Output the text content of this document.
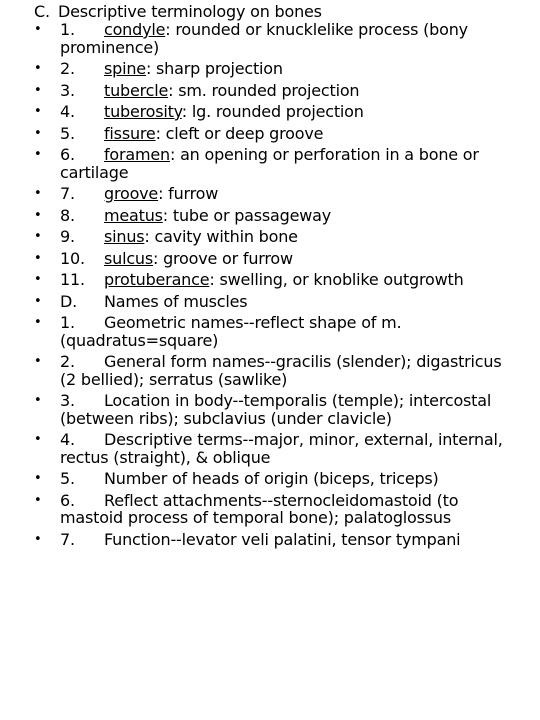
C. Descriptive terminology on bones
• 1. condyle: rounded or knucklelike process (bony prominence)
• 2. spine: sharp projection
• 3. tubercle: sm. rounded projection
• 4. tuberosity: lg. rounded projection
• 5. fissure: cleft or deep groove
• 6. foramen: an opening or perforation in a bone or cartilage
• 7. groove: furrow
• 8. meatus: tube or passageway
• 9. sinus: cavity within bone
• 10. sulcus: groove or furrow
• 11. protuberance: swelling, or knoblike outgrowth
• D. Names of muscles
• 1. Geometric names--reflect shape of m. (quadratus=square)
• 2. General form names--gracilis (slender); digastricus (2 bellied); serratus (sawlike)
• 3. Location in body--temporalis (temple); intercostal (between ribs); subclavius (under clavicle)
• 4. Descriptive terms--major, minor, external, internal, rectus (straight), & oblique
• 5. Number of heads of origin (biceps, triceps)
• 6. Reflect attachments--sternocleidomastoid (to mastoid process of temporal bone); palatoglossus
• 7. Function--levator veli palatini, tensor tympani
